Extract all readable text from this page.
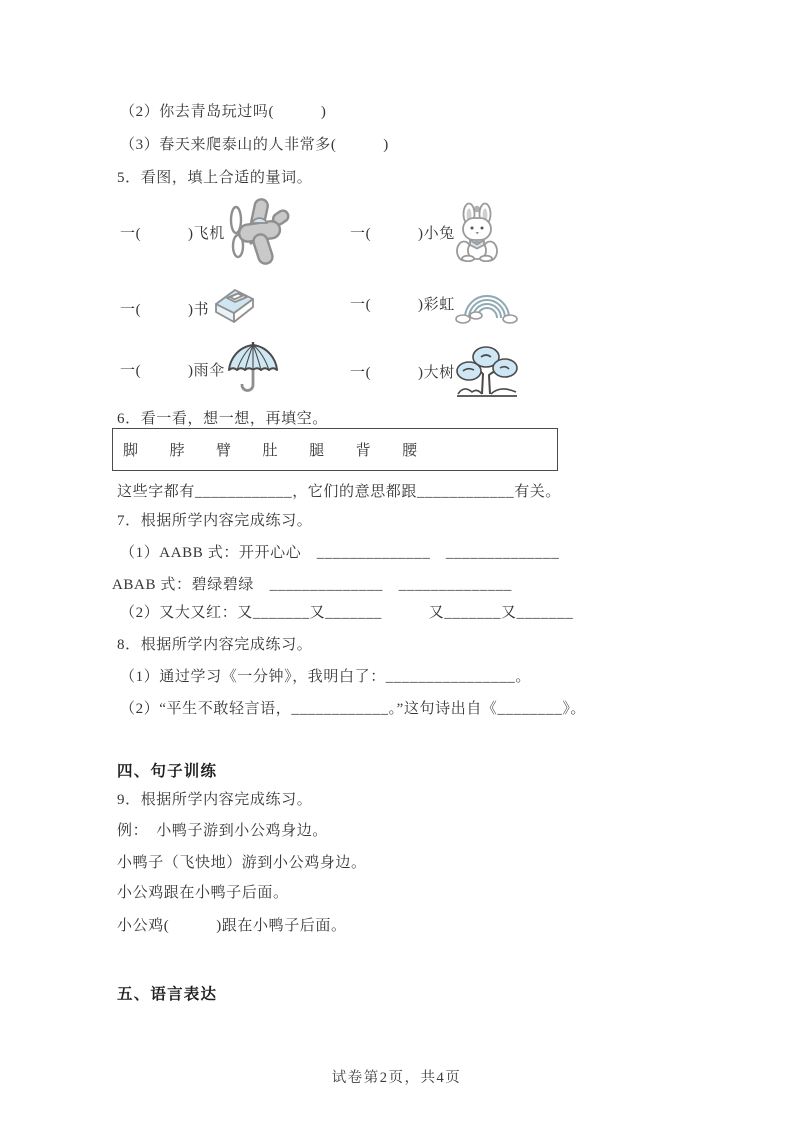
（2）你去青岛玩过吗(　　　)
（3）春天来爬泰山的人非常多(　　　)
5．看图，填上合适的量词。
一(　　　)飞机	一(　　　)小兔
一(　　　)书	一(　　　)彩虹
一(　　　)雨伞	一(　　　)大树
6．看一看，想一想，再填空。
脚 脖 臂 肚 腿 背 腰
这些字都有____________，它们的意思都跟____________有关。
7．根据所学内容完成练习。
（1）AABB 式：开开心心　______________　______________
ABAB 式：碧绿碧绿　______________　______________
（2）又大又红：又_______又_______　　　又_______又_______
8．根据所学内容完成练习。
（1）通过学习《一分钟》，我明白了：________________。
（2）“平生不敢轻言语，____________。”这句诗出自《________》。
四、句子训练
9．根据所学内容完成练习。
例：　小鸭子游到小公鸡身边。
小鸭子（飞快地）游到小公鸡身边。
小公鸡跟在小鸭子后面。
小公鸡(　　　)跟在小鸭子后面。
五、语言表达
试卷第2页，共4页
